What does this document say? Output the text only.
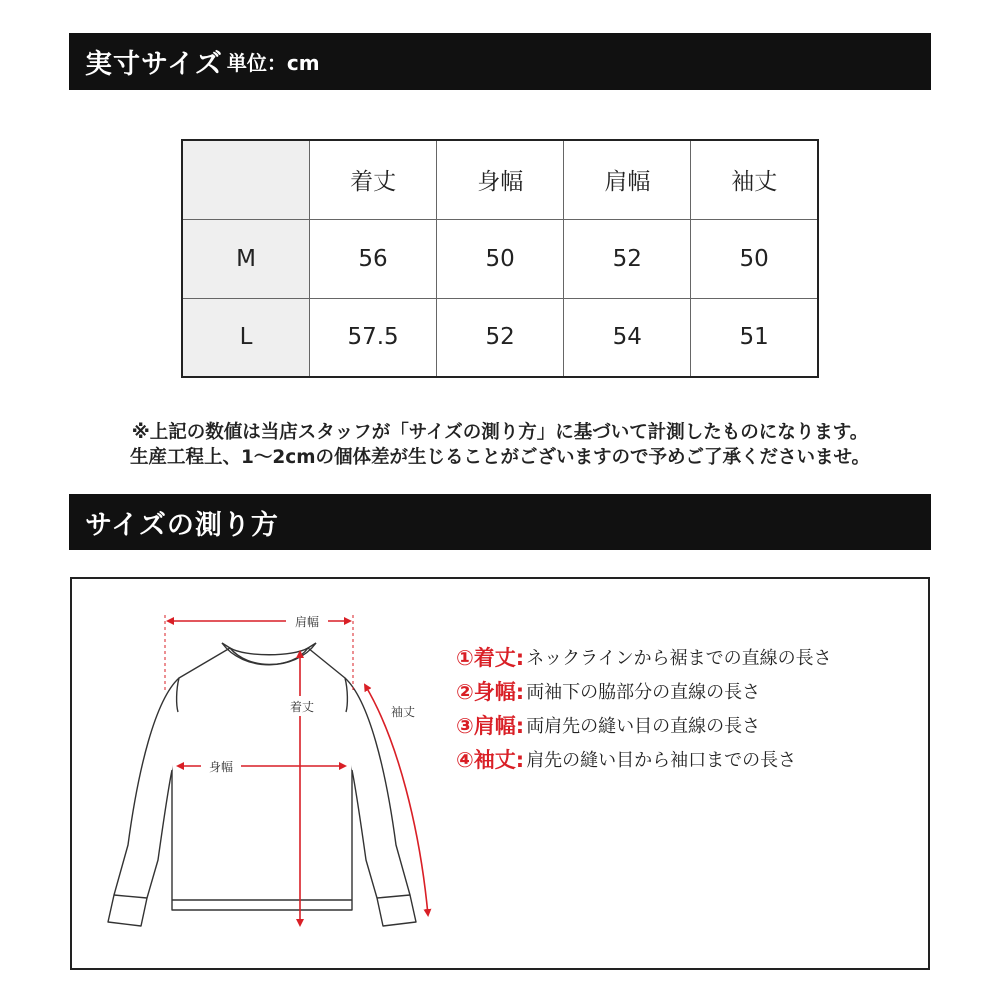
実寸サイズ 単位：cm
	着丈	身幅	肩幅	袖丈
M	56	50	52	50
L	57.5	52	54	51
※上記の数値は当店スタッフが「サイズの測り方」に基づいて計測したものになります。
生産工程上、1〜2cmの個体差が生じることがございますので予めご了承くださいませ。
サイズの測り方
肩幅
着丈
身幅
袖丈
①着丈: ネックラインから裾までの直線の長さ
②身幅: 両袖下の脇部分の直線の長さ
③肩幅: 両肩先の縫い目の直線の長さ
④袖丈: 肩先の縫い目から袖口までの長さ
